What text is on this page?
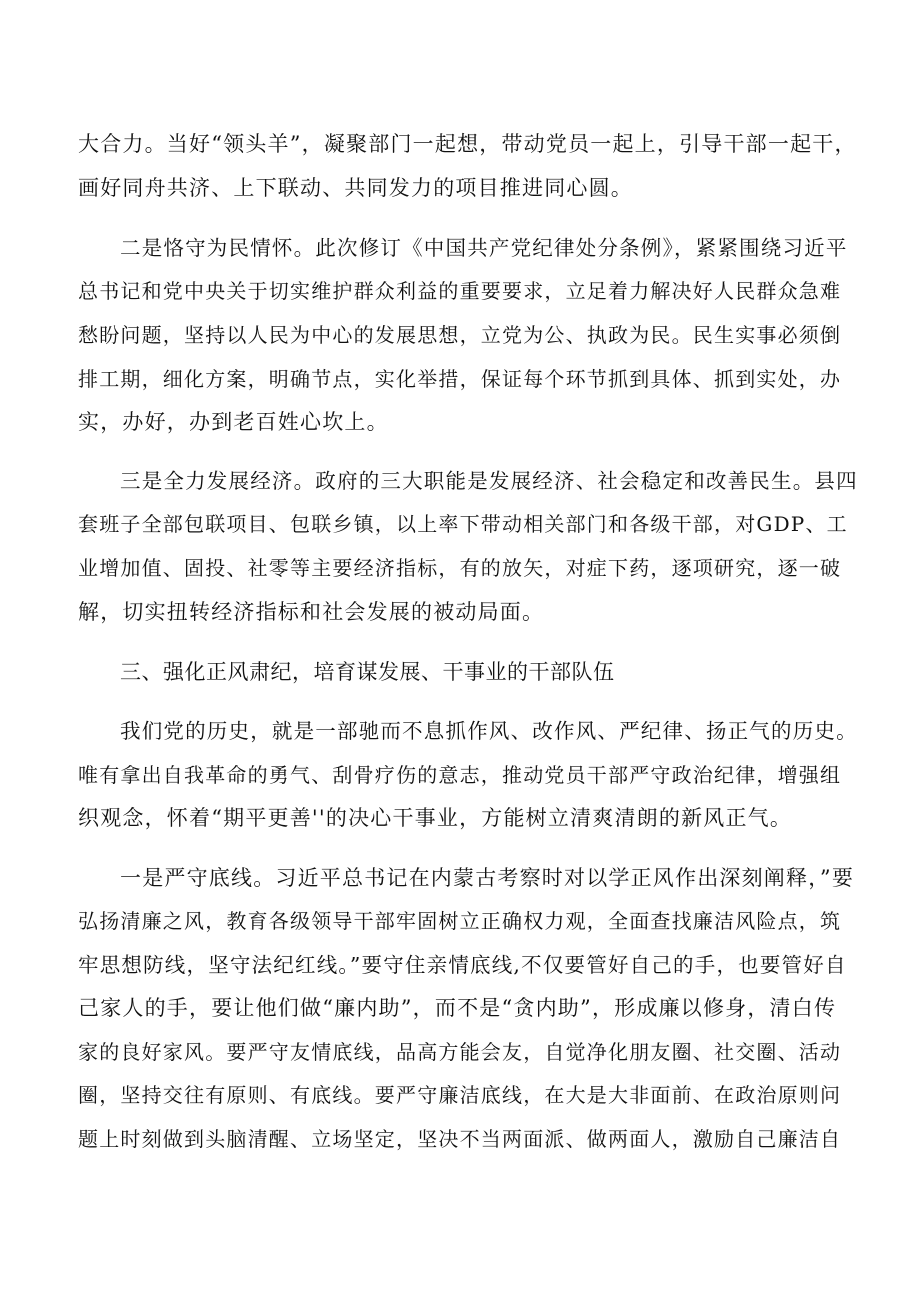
大合力。当好“领头羊”，凝聚部门一起想，带动党员一起上，引导干部一起干，
画好同舟共济、上下联动、共同发力的项目推进同心圆。
二是恪守为民情怀。此次修订《中国共产党纪律处分条例》，紧紧围绕习近平
总书记和党中央关于切实维护群众利益的重要要求，立足着力解决好人民群众急难
愁盼问题，坚持以人民为中心的发展思想，立党为公、执政为民。民生实事必须倒
排工期，细化方案，明确节点，实化举措，保证每个环节抓到具体、抓到实处，办
实，办好，办到老百姓心坎上。
三是全力发展经济。政府的三大职能是发展经济、社会稳定和改善民生。县四
套班子全部包联项目、包联乡镇，以上率下带动相关部门和各级干部，对GDP、工
业增加值、固投、社零等主要经济指标，有的放矢，对症下药，逐项研究，逐一破
解，切实扭转经济指标和社会发展的被动局面。
三、强化正风肃纪，培育谋发展、干事业的干部队伍
我们党的历史，就是一部驰而不息抓作风、改作风、严纪律、扬正气的历史。
唯有拿出自我革命的勇气、刮骨疗伤的意志，推动党员干部严守政治纪律，增强组
织观念，怀着“期平更善''的决心干事业，方能树立清爽清朗的新风正气。
一是严守底线。习近平总书记在内蒙古考察时对以学正风作出深刻阐释，”要
弘扬清廉之风，教育各级领导干部牢固树立正确权力观，全面查找廉洁风险点，筑
牢思想防线，坚守法纪红线。”要守住亲情底线,不仅要管好自己的手，也要管好自
己家人的手，要让他们做“廉内助”，而不是“贪内助”，形成廉以修身，清白传
家的良好家风。要严守友情底线，品高方能会友，自觉净化朋友圈、社交圈、活动
圈，坚持交往有原则、有底线。要严守廉洁底线，在大是大非面前、在政治原则问
题上时刻做到头脑清醒、立场坚定，坚决不当两面派、做两面人，激励自己廉洁自
